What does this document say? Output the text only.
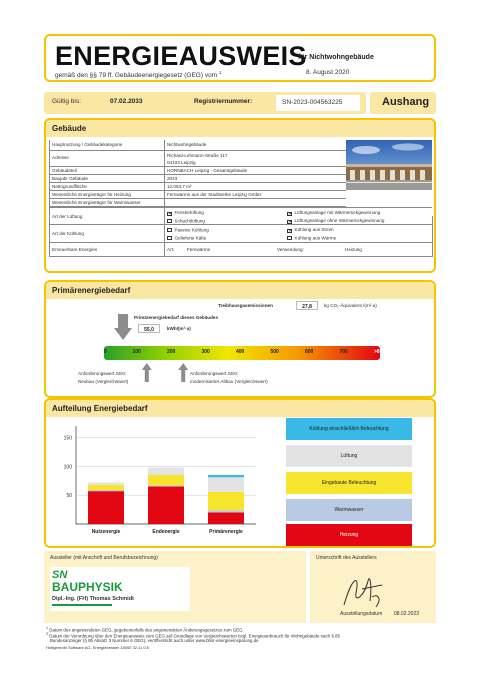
ENERGIEAUSWEIS
für Nichtwohngebäude
gemäß den §§ 79 ff. Gebäudeenergiegesetz (GEG) vom $^1$	8. August 2020
Gültig bis:	07.02.2033	Registriernummer:	SN-2023-004563225	Aushang
Gebäude
Hauptnutzung / Gebäudekategorie	Nichtwohngebäude
Adresse	Richard-Lehmann-Straße 117
04103 Leipzig
Gebäudeteil	HORNBACH Leipzig - Gesamtgebäude
Baujahr Gebäude	2023
Nettogrundfläche	12.063,7 m²
Wesentliche Energieträger für Heizung	Fernwärme aus der Stadtwerke Leipzig GmbH
Wesentliche Energieträger für Warmwasser
Art der Lüftung	✕ Fensterlüftung	✕ Lüftungsanlage mit Wärmerückgewinnung
Schachtlüftung	✕ Lüftungsanlage ohne Wärmerückgewinnung
Art der Kühlung
Passive Kühlung	✕ Kühlung aus Strom
Gelieferte Kälte	Kühlung aus Wärme
Erneuerbare Energien	Art:	Fernwärme	Verwendung:	Heizung
Primärenergiebedarf
Treibhausgasemissionen	27,8	kg CO₂-Äquivalent /(m²·a)
Primärenergiebedarf dieses Gebäudes
55,0	kWh/(m²·a)
0	100	200	300	400	500	600	700	>800
Anforderungswert GEG
Neubau (Vergleichswert)
Anforderungswert GEG
modernisierter Altbau (Vergleichswert)
Aufteilung Energiebedarf
50
100
150
Nutzenergie	Endenergie	Primärenergie
Kühlung einschließlich Befeuchtung
Lüftung
Eingebaute Beleuchtung
Warmwasser
Heizung
Aussteller (mit Anschrift und Berufsbezeichnung)
SN
BAUPHYSIK
Dipl.-Ing. (FH) Thomas Schmidt
Unterschrift des Ausstellers
Ausstellungsdatum 08.02.2023
$^1$ Datum des angewendeten GEG, gegebenenfalls des angewendeten Änderungsgesetzes zum GEG
$^2$ Datum der Verordnung über den Energieausweis zum GEG auf Grundlage von Vergleichswerten bzgl. Energieverbrauch für Wohngebäude nach § 85
Bundesanzeiger (§ 85 Absatz 3 Nummer 6 GEG), veröffentlicht auch unter www.bbsr-energieeinsparung.de
Hottgenroth Software AG, Energieberater 18000 32.11.0.5
